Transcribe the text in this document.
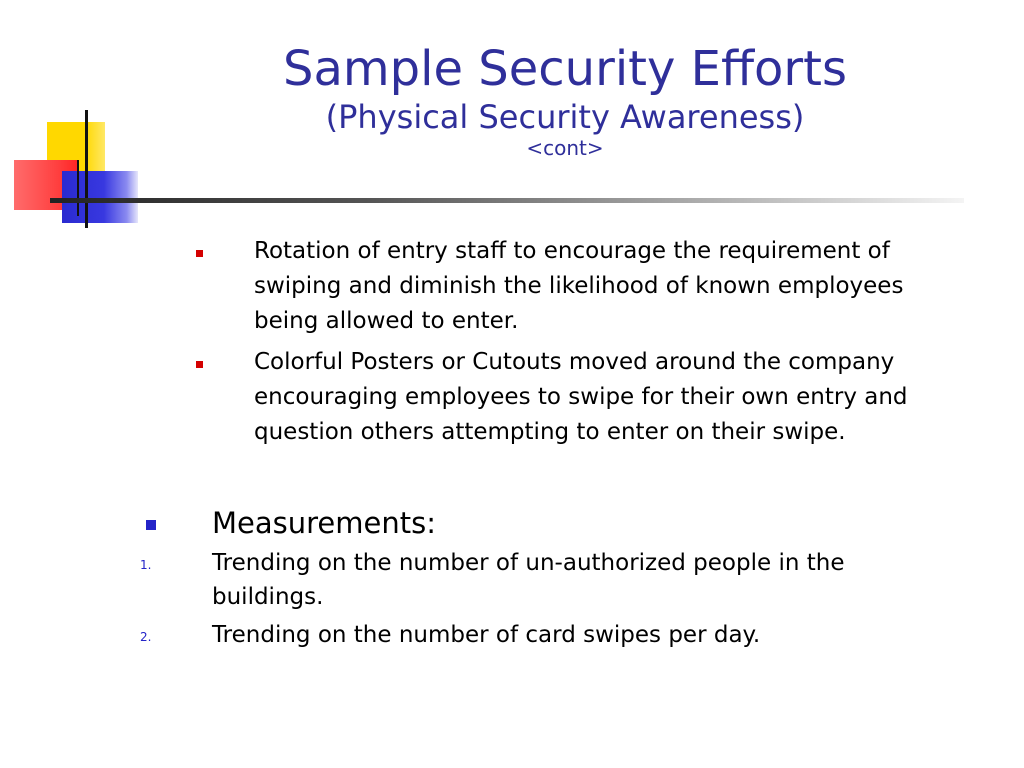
Sample Security Efforts
(Physical Security Awareness)
<cont>
Rotation of entry staff to encourage the requirement of swiping and diminish the likelihood of known employees being allowed to enter.
Colorful Posters or Cutouts moved around the company encouraging employees to swipe for their own entry and question others attempting to enter on their swipe.
Measurements:
1.	Trending on the number of un-authorized people in the buildings.
2.	Trending on the number of card swipes per day.
